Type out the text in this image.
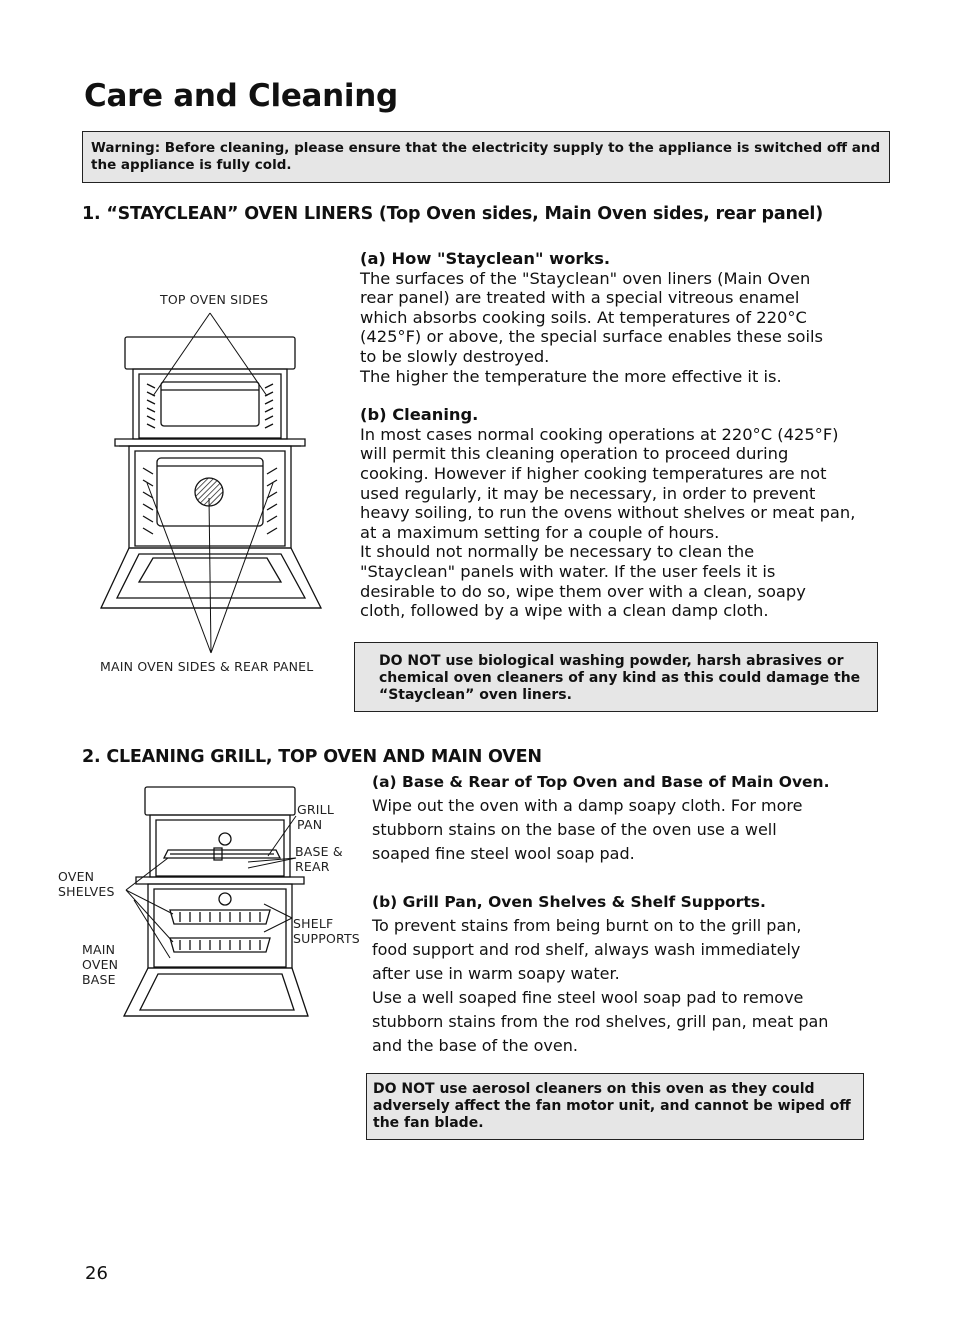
Care and Cleaning
Warning: Before cleaning, please ensure that the electricity supply to the appliance is switched off and the appliance is fully cold.
1. “STAYCLEAN” OVEN LINERS (Top Oven sides, Main Oven sides, rear panel)
TOP OVEN SIDES
MAIN OVEN SIDES & REAR PANEL
(a) How "Stayclean" works.
The surfaces of the "Stayclean" oven liners (Main Oven
rear panel) are treated with a special vitreous enamel
which absorbs cooking soils. At temperatures of 220°C
(425°F) or above, the special surface enables these soils
to be slowly destroyed.
The higher the temperature the more effective it is.
(b) Cleaning.
In most cases normal cooking operations at 220°C (425°F)
will permit this cleaning operation to proceed during
cooking. However if higher cooking temperatures are not
used regularly, it may be necessary, in order to prevent
heavy soiling, to run the ovens without shelves or meat pan,
at a maximum setting for a couple of hours.
It should not normally be necessary to clean the
"Stayclean" panels with water. If the user feels it is
desirable to do so, wipe them over with a clean, soapy
cloth, followed by a wipe with a clean damp cloth.
DO NOT use biological washing powder, harsh abrasives or chemical oven cleaners of any kind as this could damage the “Stayclean” oven liners.
2. CLEANING GRILL, TOP OVEN AND MAIN OVEN
GRILL
PAN
BASE &
REAR
OVEN
SHELVES
SHELF
SUPPORTS
MAIN
OVEN
BASE
(a) Base & Rear of Top Oven and Base of Main Oven.
Wipe out the oven with a damp soapy cloth. For more
stubborn stains on the base of the oven use a well
soaped fine steel wool soap pad.
(b) Grill Pan, Oven Shelves & Shelf Supports.
To prevent stains from being burnt on to the grill pan,
food support and rod shelf, always wash immediately
after use in warm soapy water.
Use a well soaped fine steel wool soap pad to remove
stubborn stains from the rod shelves, grill pan, meat pan
and the base of the oven.
DO NOT use aerosol cleaners on this oven as they could adversely affect the fan motor unit, and cannot be wiped off the fan blade.
26
